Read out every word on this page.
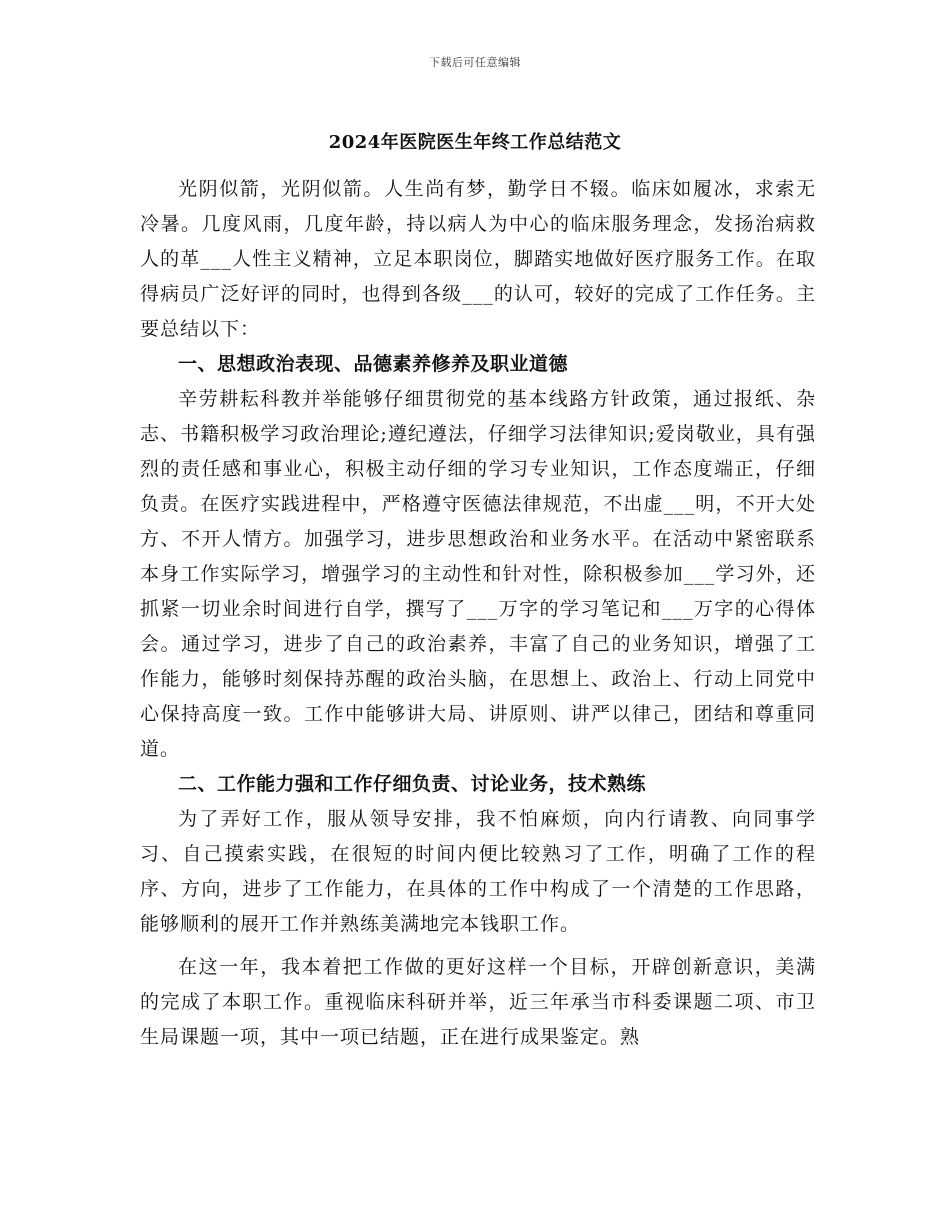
下载后可任意编辑
2024年医院医生年终工作总结范文

光阴似箭，光阴似箭。人生尚有梦，勤学日不辍。临床如履冰，求索无冷暑。几度风雨，几度年龄，持以病人为中心的临床服务理念，发扬治病救人的革___人性主义精神，立足本职岗位，脚踏实地做好医疗服务工作。在取得病员广泛好评的同时，也得到各级___的认可，较好的完成了工作任务。主要总结以下：

一、思想政治表现、品德素养修养及职业道德

辛劳耕耘科教并举能够仔细贯彻党的基本线路方针政策，通过报纸、杂志、书籍积极学习政治理论;遵纪遵法，仔细学习法律知识;爱岗敬业，具有强烈的责任感和事业心，积极主动仔细的学习专业知识，工作态度端正，仔细负责。在医疗实践进程中，严格遵守医德法律规范，不出虚___明，不开大处方、不开人情方。加强学习，进步思想政治和业务水平。在活动中紧密联系本身工作实际学习，增强学习的主动性和针对性，除积极参加___学习外，还抓紧一切业余时间进行自学，撰写了___万字的学习笔记和___万字的心得体会。通过学习，进步了自己的政治素养，丰富了自己的业务知识，增强了工作能力，能够时刻保持苏醒的政治头脑，在思想上、政治上、行动上同党中心保持高度一致。工作中能够讲大局、讲原则、讲严以律己，团结和尊重同道。

二、工作能力强和工作仔细负责、讨论业务，技术熟练

为了弄好工作，服从领导安排，我不怕麻烦，向内行请教、向同事学习、自己摸索实践，在很短的时间内便比较熟习了工作，明确了工作的程序、方向，进步了工作能力，在具体的工作中构成了一个清楚的工作思路，能够顺利的展开工作并熟练美满地完本钱职工作。

在这一年，我本着把工作做的更好这样一个目标，开辟创新意识，美满的完成了本职工作。重视临床科研并举，近三年承当市科委课题二项、市卫生局课题一项，其中一项已结题，正在进行成果鉴定。熟
